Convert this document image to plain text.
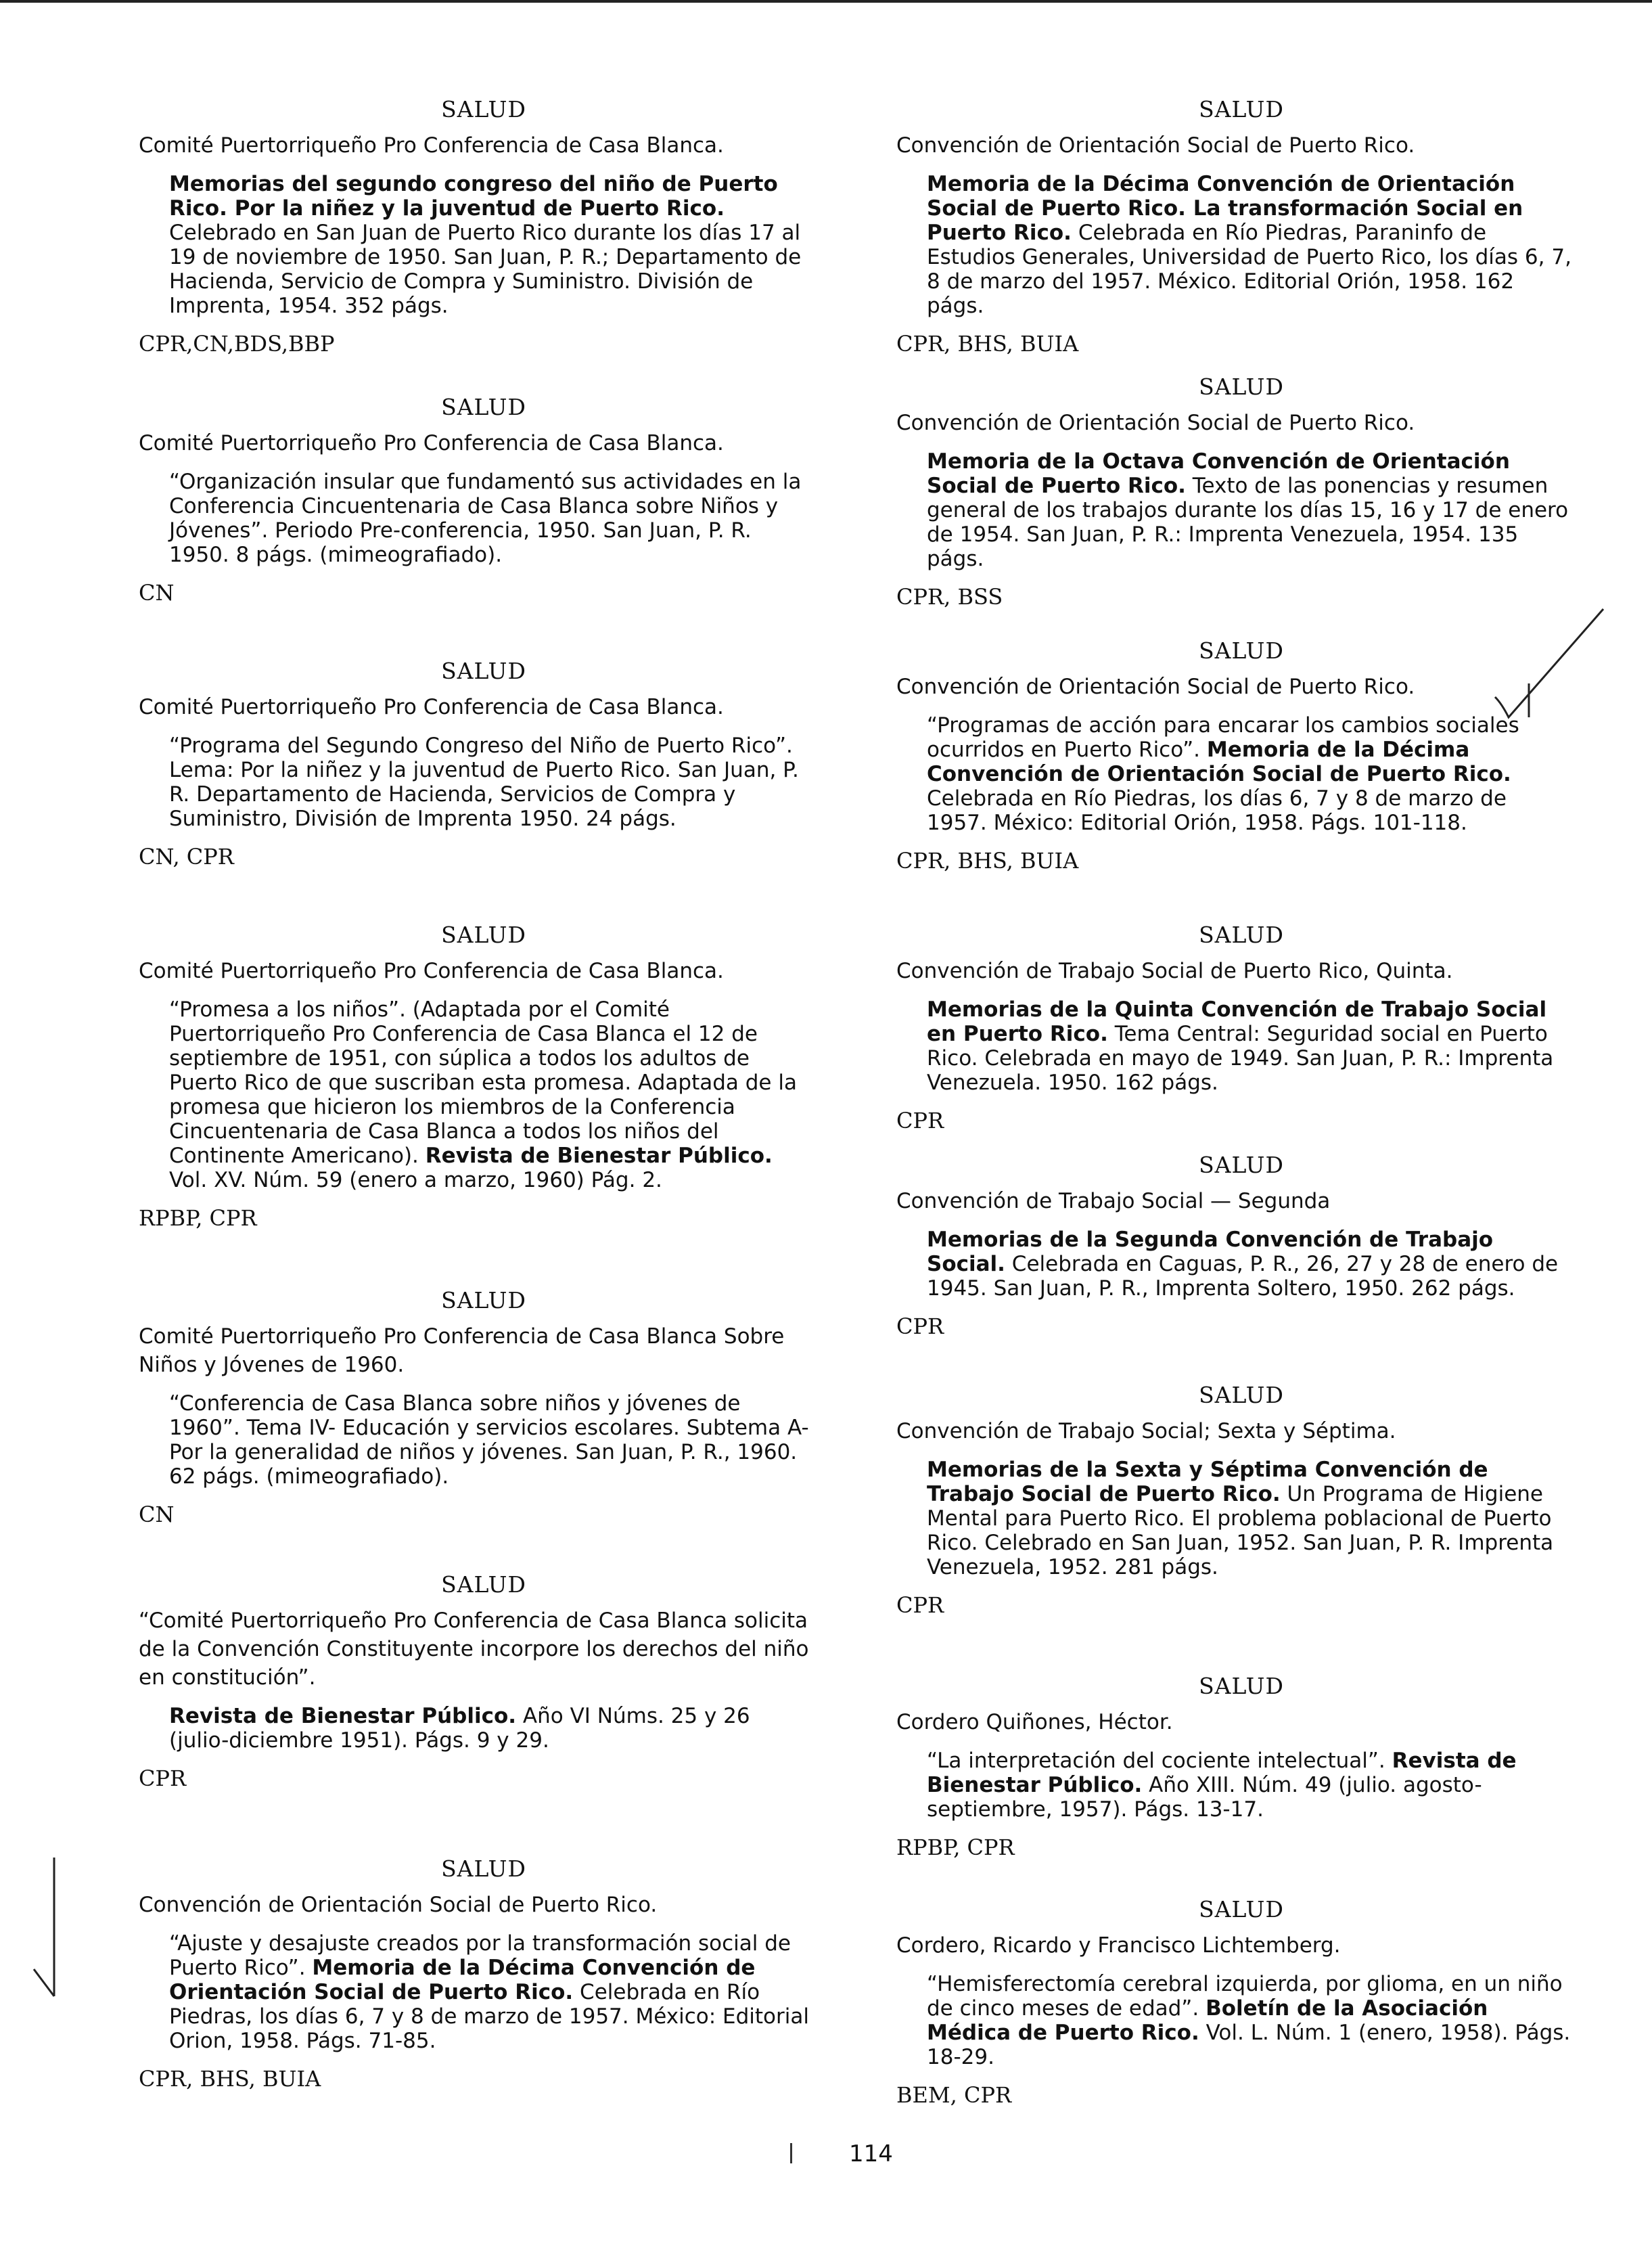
SALUD
Comité Puertorriqueño Pro Conferencia de Casa Blanca.
Memorias del segundo congreso del niño de Puerto Rico. Por la niñez y la juventud de Puerto Rico. Celebrado en San Juan de Puerto Rico durante los días 17 al 19 de noviembre de 1950. San Juan, P. R.; Departamento de Hacienda, Servicio de Compra y Suministro. División de Imprenta, 1954. 352 págs.
CPR,CN,BDS,BBP
SALUD
Comité Puertorriqueño Pro Conferencia de Casa Blanca.
“Organización insular que fundamentó sus actividades en la Conferencia Cincuentenaria de Casa Blanca sobre Niños y Jóvenes”. Periodo Pre-conferencia, 1950. San Juan, P. R. 1950. 8 págs. (mimeografiado).
CN
SALUD
Comité Puertorriqueño Pro Conferencia de Casa Blanca.
“Programa del Segundo Congreso del Niño de Puerto Rico”. Lema: Por la niñez y la juventud de Puerto Rico. San Juan, P. R. Departamento de Hacienda, Servicios de Compra y Suministro, División de Imprenta 1950. 24 págs.
CN, CPR
SALUD
Comité Puertorriqueño Pro Conferencia de Casa Blanca.
“Promesa a los niños”. (Adaptada por el Comité Puertorriqueño Pro Conferencia de Casa Blanca el 12 de septiembre de 1951, con súplica a todos los adultos de Puerto Rico de que suscriban esta promesa. Adaptada de la promesa que hicieron los miembros de la Conferencia Cincuentenaria de Casa Blanca a todos los niños del Continente Americano). Revista de Bienestar Público. Vol. XV. Núm. 59 (enero a marzo, 1960) Pág. 2.
RPBP, CPR
SALUD
Comité Puertorriqueño Pro Conferencia de Casa Blanca Sobre Niños y Jóvenes de 1960.
“Conferencia de Casa Blanca sobre niños y jóvenes de 1960”. Tema IV- Educación y servicios escolares. Subtema A- Por la generalidad de niños y jóvenes. San Juan, P. R., 1960. 62 págs. (mimeografiado).
CN
SALUD
“Comité Puertorriqueño Pro Conferencia de Casa Blanca solicita de la Convención Constituyente incorpore los derechos del niño en constitución”.
Revista de Bienestar Público. Año VI Núms. 25 y 26 (julio-diciembre 1951). Págs. 9 y 29.
CPR
SALUD
Convención de Orientación Social de Puerto Rico.
“Ajuste y desajuste creados por la transformación social de Puerto Rico”. Memoria de la Décima Convención de Orientación Social de Puerto Rico. Celebrada en Río Piedras, los días 6, 7 y 8 de marzo de 1957. México: Editorial Orion, 1958. Págs. 71-85.
CPR, BHS, BUIA
SALUD
Convención de Orientación Social de Puerto Rico.
Memoria de la Décima Convención de Orientación Social de Puerto Rico. La transformación Social en Puerto Rico. Celebrada en Río Piedras, Paraninfo de Estudios Generales, Universidad de Puerto Rico, los días 6, 7, 8 de marzo del 1957. México. Editorial Orión, 1958. 162 págs.
CPR, BHS, BUIA
SALUD
Convención de Orientación Social de Puerto Rico.
Memoria de la Octava Convención de Orientación Social de Puerto Rico. Texto de las ponencias y resumen general de los trabajos durante los días 15, 16 y 17 de enero de 1954. San Juan, P. R.: Imprenta Venezuela, 1954. 135 págs.
CPR, BSS
SALUD
Convención de Orientación Social de Puerto Rico.
“Programas de acción para encarar los cambios sociales ocurridos en Puerto Rico”. Memoria de la Décima Convención de Orientación Social de Puerto Rico. Celebrada en Río Piedras, los días 6, 7 y 8 de marzo de 1957. México: Editorial Orión, 1958. Págs. 101-118.
CPR, BHS, BUIA
SALUD
Convención de Trabajo Social de Puerto Rico, Quinta.
Memorias de la Quinta Convención de Trabajo Social en Puerto Rico. Tema Central: Seguridad social en Puerto Rico. Celebrada en mayo de 1949. San Juan, P. R.: Imprenta Venezuela. 1950. 162 págs.
CPR
SALUD
Convención de Trabajo Social — Segunda
Memorias de la Segunda Convención de Trabajo Social. Celebrada en Caguas, P. R., 26, 27 y 28 de enero de 1945. San Juan, P. R., Imprenta Soltero, 1950. 262 págs.
CPR
SALUD
Convención de Trabajo Social; Sexta y Séptima.
Memorias de la Sexta y Séptima Convención de Trabajo Social de Puerto Rico. Un Programa de Higiene Mental para Puerto Rico. El problema poblacional de Puerto Rico. Celebrado en San Juan, 1952. San Juan, P. R. Imprenta Venezuela, 1952. 281 págs.
CPR
SALUD
Cordero Quiñones, Héctor.
“La interpretación del cociente intelectual”. Revista de Bienestar Público. Año XIII. Núm. 49 (julio. agosto-septiembre, 1957). Págs. 13-17.
RPBP, CPR
SALUD
Cordero, Ricardo y Francisco Lichtemberg.
“Hemisferectomía cerebral izquierda, por glioma, en un niño de cinco meses de edad”. Boletín de la Asociación Médica de Puerto Rico. Vol. L. Núm. 1 (enero, 1958). Págs. 18-29.
BEM, CPR
114
